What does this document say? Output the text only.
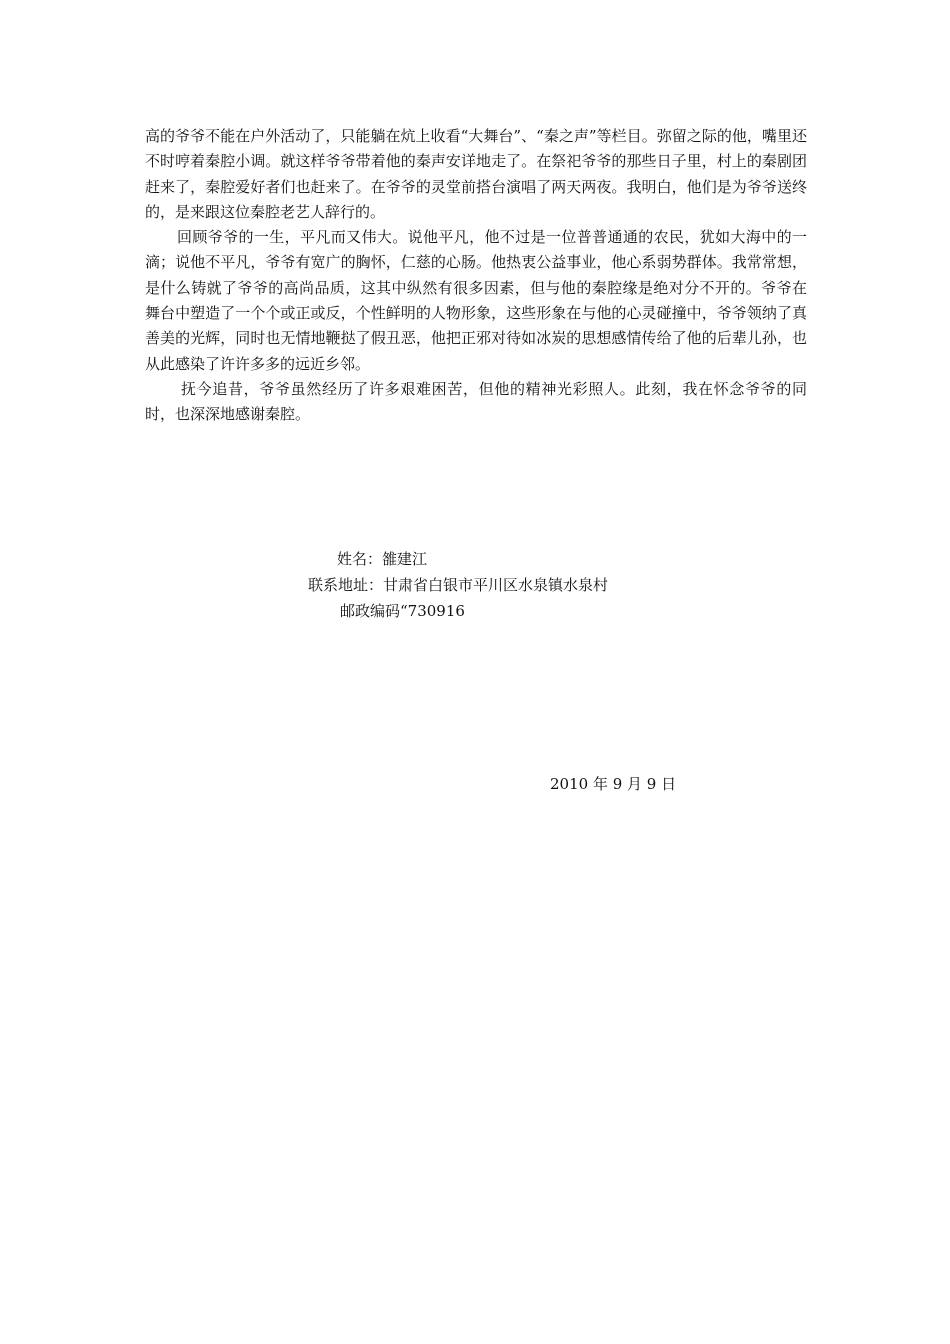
高的爷爷不能在户外活动了，只能躺在炕上收看“大舞台”、“秦之声”等栏目。弥留之际的他，嘴里还不时哼着秦腔小调。就这样爷爷带着他的秦声安详地走了。在祭祀爷爷的那些日子里，村上的秦剧团赶来了，秦腔爱好者们也赶来了。在爷爷的灵堂前搭台演唱了两天两夜。我明白，他们是为爷爷送终的，是来跟这位秦腔老艺人辞行的。

回顾爷爷的一生，平凡而又伟大。说他平凡，他不过是一位普普通通的农民，犹如大海中的一滴；说他不平凡，爷爷有宽广的胸怀，仁慈的心肠。他热衷公益事业，他心系弱势群体。我常常想，是什么铸就了爷爷的高尚品质，这其中纵然有很多因素，但与他的秦腔缘是绝对分不开的。爷爷在 舞台中塑造了一个个或正或反，个性鲜明的人物形象，这些形象在与他的心灵碰撞中，爷爷领纳了真善美的光辉，同时也无情地鞭挞了假丑恶，他把正邪对待如冰炭的思想感情传给了他的后辈儿孙，也从此感染了许许多多的远近乡邻。

抚今追昔，爷爷虽然经历了许多艰难困苦，但他的精神光彩照人。此刻，我在怀念爷爷的同时，也深深地感谢秦腔。

姓名：雒建江
联系地址：甘肃省白银市平川区水泉镇水泉村
邮政编码“730916
2010 年 9 月 9 日
